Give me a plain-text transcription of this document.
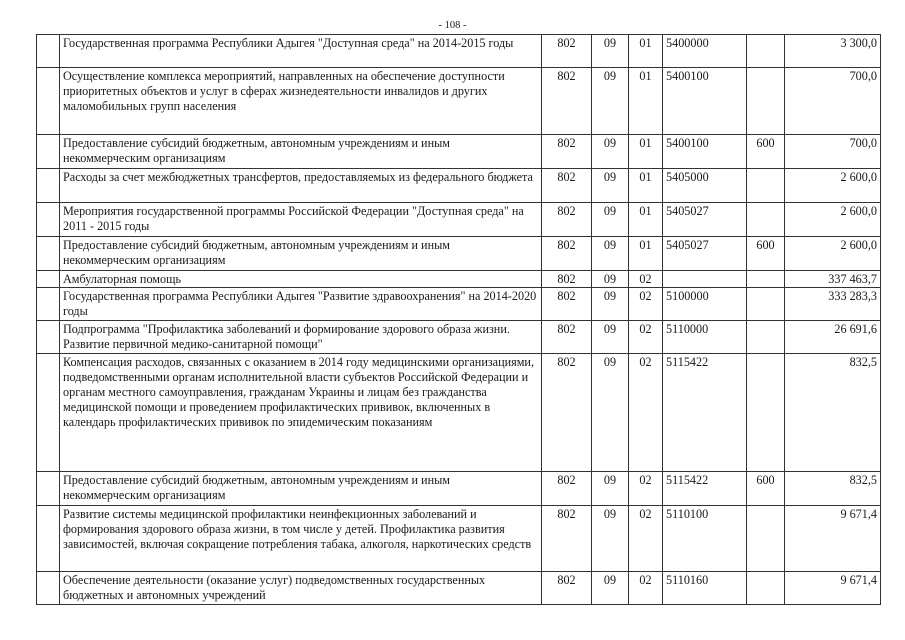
- 108 -
	Государственная программа Республики Адыгея "Доступная среда" на 2014-2015 годы	802	09	01	5400000		3 300,0
	Осуществление комплекса мероприятий, направленных на обеспечение доступности приоритетных объектов и услуг в сферах жизнедеятельности инвалидов и других маломобильных групп населения	802	09	01	5400100		700,0
	Предоставление субсидий бюджетным, автономным учреждениям и иным некоммерческим организациям	802	09	01	5400100	600	700,0
	Расходы за счет межбюджетных трансфертов, предоставляемых из федерального бюджета	802	09	01	5405000		2 600,0
	Мероприятия государственной программы Российской Федерации "Доступная среда" на 2011 - 2015 годы	802	09	01	5405027		2 600,0
	Предоставление субсидий бюджетным, автономным учреждениям и иным некоммерческим организациям	802	09	01	5405027	600	2 600,0
	Амбулаторная помощь	802	09	02			337 463,7
	Государственная программа Республики Адыгея "Развитие здравоохранения" на 2014-2020 годы	802	09	02	5100000		333 283,3
	Подпрограмма "Профилактика заболеваний и формирование здорового образа жизни. Развитие первичной медико-санитарной помощи"	802	09	02	5110000		26 691,6
	Компенсация расходов, связанных с оказанием в 2014 году медицинскими организациями, подведомственными органам исполнительной власти субъектов Российской Федерации и органам местного самоуправления, гражданам Украины и лицам без гражданства медицинской помощи и проведением профилактических прививок, включенных в календарь профилактических прививок по эпидемическим показаниям	802	09	02	5115422		832,5
	Предоставление субсидий бюджетным, автономным учреждениям и иным некоммерческим организациям	802	09	02	5115422	600	832,5
	Развитие системы медицинской профилактики неинфекционных заболеваний и формирования здорового образа жизни, в том числе у детей. Профилактика развития зависимостей, включая сокращение потребления табака, алкоголя, наркотических средств	802	09	02	5110100		9 671,4
	Обеспечение деятельности (оказание услуг) подведомственных государственных бюджетных и автономных учреждений	802	09	02	5110160		9 671,4
